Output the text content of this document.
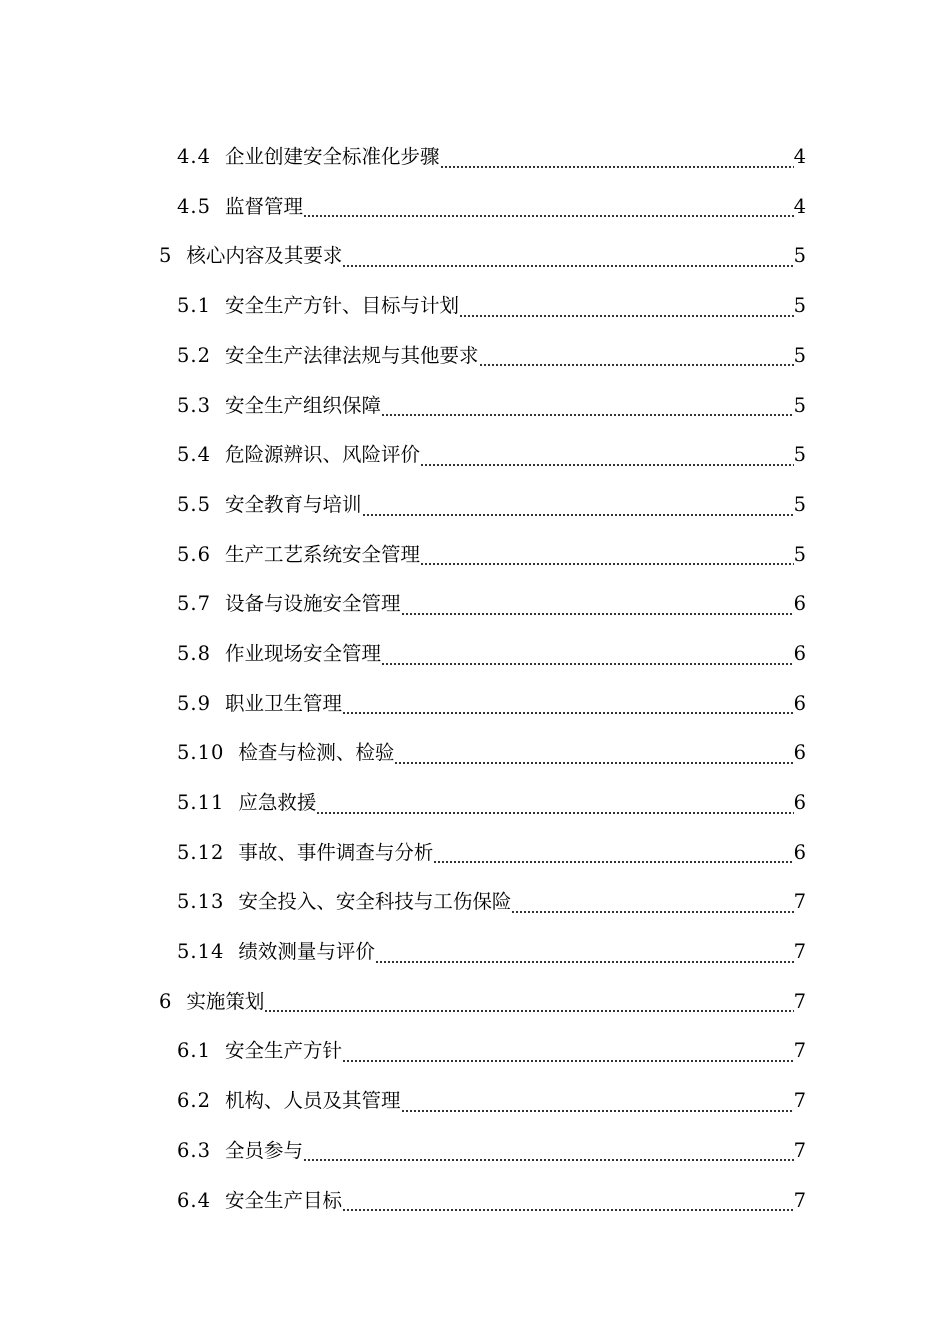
4.4 企业创建安全标准化步骤	4
4.5 监督管理	4
5 核心内容及其要求	5
5.1 安全生产方针、目标与计划	5
5.2 安全生产法律法规与其他要求	5
5.3 安全生产组织保障	5
5.4 危险源辨识、风险评价	5
5.5 安全教育与培训	5
5.6 生产工艺系统安全管理	5
5.7 设备与设施安全管理	6
5.8 作业现场安全管理	6
5.9 职业卫生管理	6
5.10 检查与检测、检验	6
5.11 应急救援	6
5.12 事故、事件调查与分析	6
5.13 安全投入、安全科技与工伤保险	7
5.14 绩效测量与评价	7
6 实施策划	7
6.1 安全生产方针	7
6.2 机构、人员及其管理	7
6.3 全员参与	7
6.4 安全生产目标	7
